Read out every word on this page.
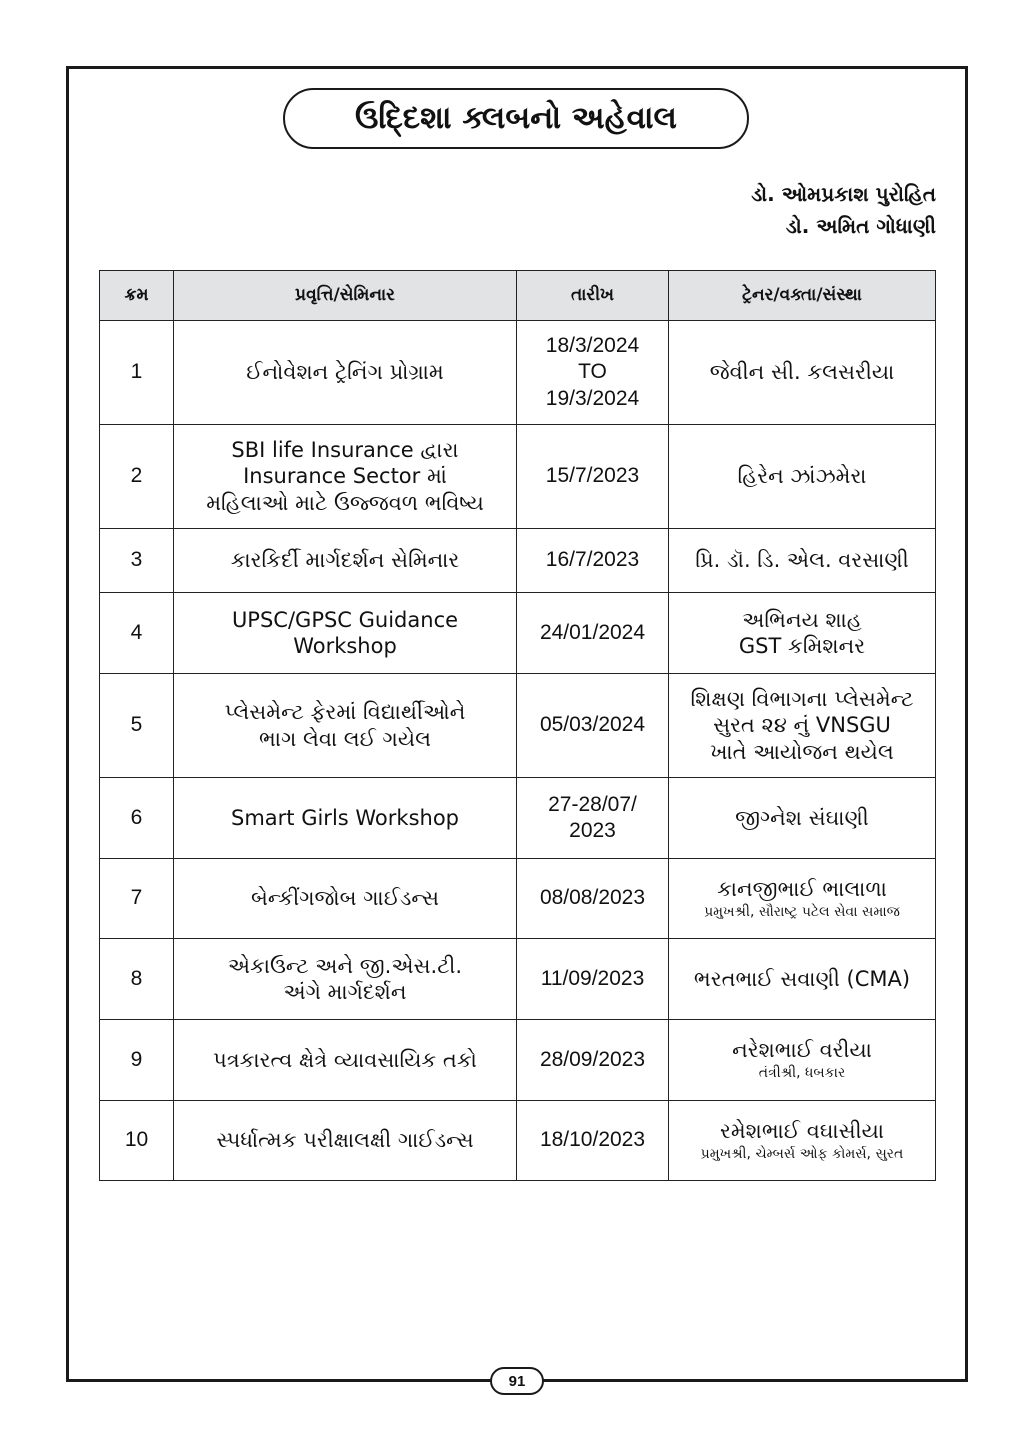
ઉદ્દિશા ક્લબનો અહેવાલ
ડો. ઓમપ્રકાશ પુરોહિત
ડો. અમિત ગોધાણી
ક્રમ	પ્રવૃત્તિ/સેમિનાર	તારીખ	ટ્રેનર/વક્તા/સંસ્થા
1	ઈનોવેશન ટ્રેનિંગ પ્રોગ્રામ	18/3/2024
TO
19/3/2024	જેવીન સી. કલસરીયા
2	SBI life Insurance દ્વારા
Insurance Sector માં
મહિલાઓ માટે ઉજ્જવળ ભવિષ્ય	15/7/2023	હિરેન ઝાંઝમેરા
3	કારકિર્દી માર્ગદર્શન સેમિનાર	16/7/2023	પ્રિ. ડૉ. ડિ. એલ. વરસાણી
4	UPSC/GPSC Guidance
Workshop	24/01/2024	અભિનય શાહ
GST કમિશનર
5	પ્લેસમેન્ટ ફેરમાં વિદ્યાર્થીઓને
ભાગ લેવા લઈ ગયેલ	05/03/2024	શિક્ષણ વિભાગના પ્લેસમેન્ટ
સુરત ૨૪ નું VNSGU
ખાતે આયોજન થયેલ
6	Smart Girls Workshop	27-28/07/
2023	જીગ્નેશ સંઘાણી
7	બેન્કીંગજોબ ગાઈડન્સ	08/08/2023	કાનજીભાઈ ભાલાળા
પ્રમુખશ્રી, સૌરાષ્ટ્ર પટેલ સેવા સમાજ

8	એકાઉન્ટ અને જી.એસ.ટી.
અંગે માર્ગદર્શન	11/09/2023	ભરતભાઈ સવાણી (CMA)
9	પત્રકારત્વ ક્ષેત્રે વ્યાવસાયિક તકો	28/09/2023	નરેશભાઈ વરીયા
તંત્રીશ્રી, ધબકાર

10	સ્પર્ધાત્મક પરીક્ષાલક્ષી ગાઈડન્સ	18/10/2023	રમેશભાઈ વઘાસીયા
પ્રમુખશ્રી, ચેમ્બર્સ ઓફ કોમર્સ, સુરત
91
